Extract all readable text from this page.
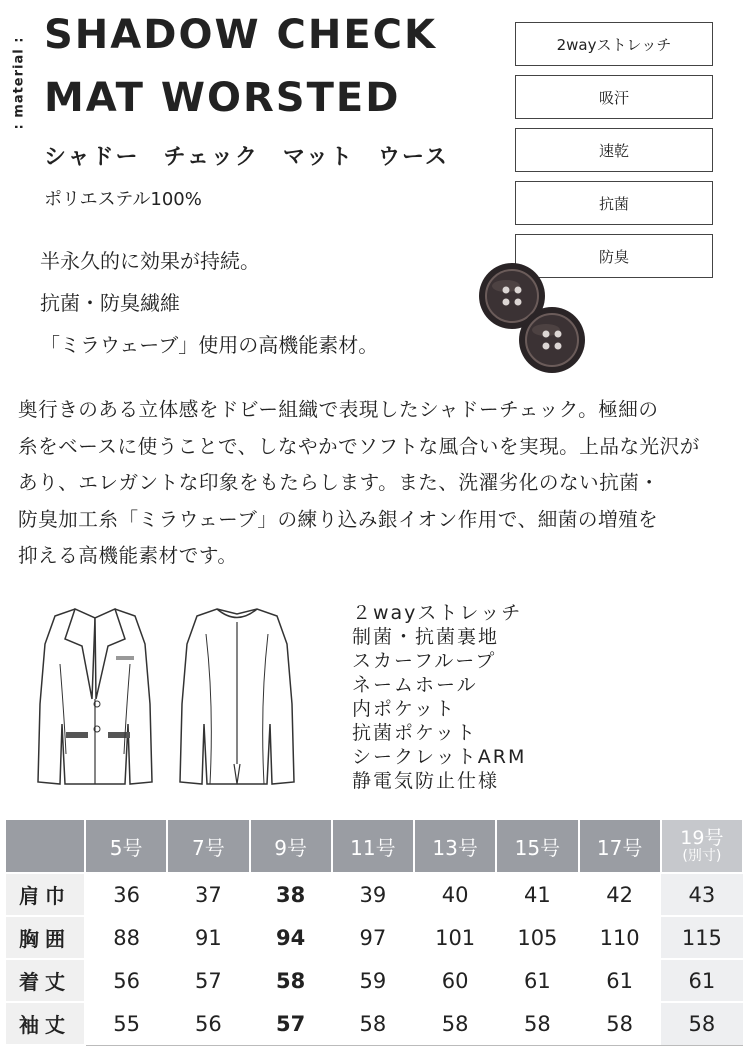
: material :
SHADOW CHECK
MAT WORSTED
シャドー　チェック　マット　ウース
ポリエステル100%
半永久的に効果が持続。
抗菌・防臭繊維
「ミラウェーブ」使用の高機能素材。
2wayストレッチ
吸汗
速乾
抗菌
防臭
奥行きのある立体感をドビー組織で表現したシャドーチェック。極細の
糸をベースに使うことで、しなやかでソフトな風合いを実現。上品な光沢が
あり、エレガントな印象をもたらします。また、洗濯劣化のない抗菌・
防臭加工糸「ミラウェーブ」の練り込み銀イオン作用で、細菌の増殖を
抑える高機能素材です。
２wayストレッチ
制菌・抗菌裏地
スカーフループ
ネームホール
内ポケット
抗菌ポケット
シークレットARM
静電気防止仕様
	5号	7号	9号	11号	13号	15号	17号	19号
(別寸)

肩巾	36	37	38	39	40	41	42	43
胸囲	88	91	94	97	101	105	110	115
着丈	56	57	58	59	60	61	61	61
袖丈	55	56	57	58	58	58	58	58
